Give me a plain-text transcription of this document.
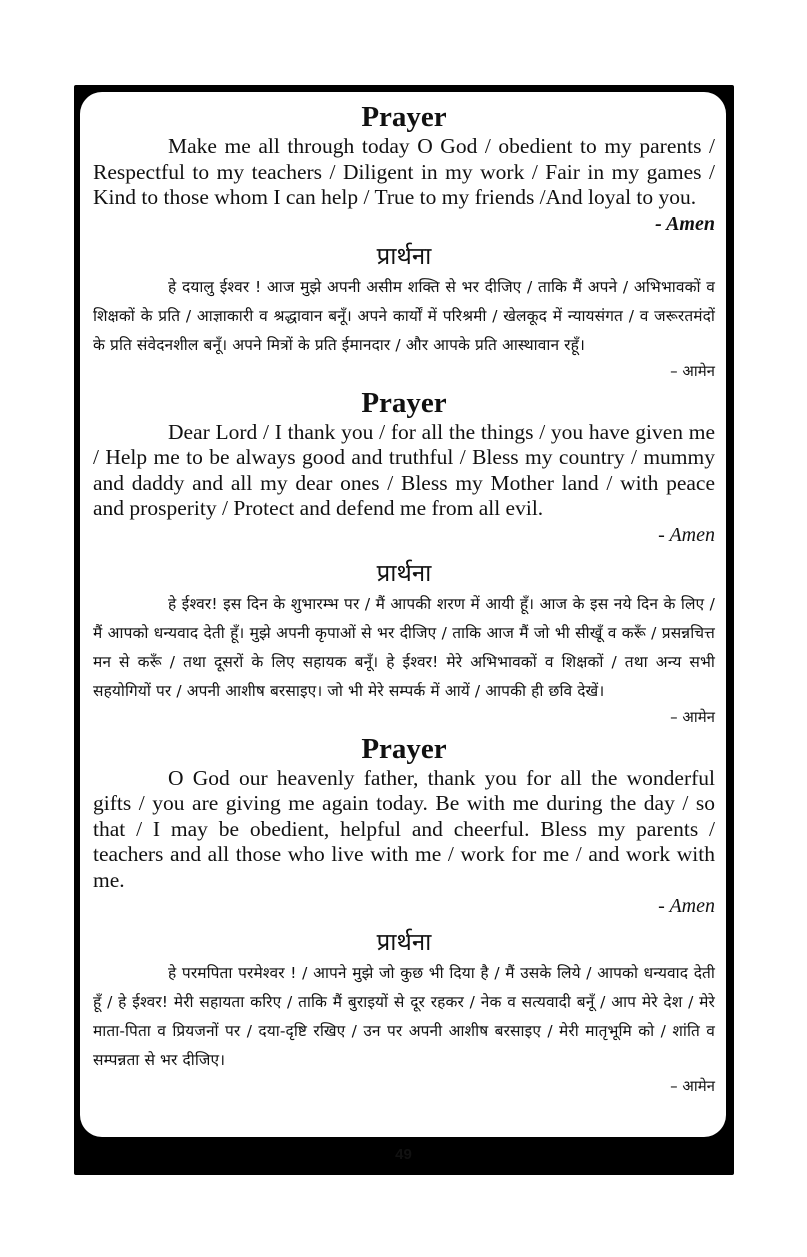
Prayer

Make me all through today O God / obedient to my parents / Respectful to my teachers / Diligent in my work / Fair in my games / Kind to those whom I can help / True to my friends /And loyal to you.

- Amen
प्रार्थना

हे दयालु ईश्वर ! आज मुझे अपनी असीम शक्ति से भर दीजिए / ताकि मैं अपने / अभिभावकों व शिक्षकों के प्रति / आज्ञाकारी व श्रद्धावान बनूँ। अपने कार्यों में परिश्रमी / खेलकूद में न्यायसंगत / व जरूरतमंदों के प्रति संवेदनशील बनूँ। अपने मित्रों के प्रति ईमानदार / और आपके प्रति आस्थावान रहूँ।

– आमेन
Prayer

Dear Lord / I thank you / for all the things / you have given me / Help me to be always good and truthful / Bless my country / mummy and daddy and all my dear ones / Bless my Mother land / with peace and prosperity / Protect and defend me from all evil.

- Amen
प्रार्थना

हे ईश्वर! इस दिन के शुभारम्भ पर / मैं आपकी शरण में आयी हूँ। आज के इस नये दिन के लिए / मैं आपको धन्यवाद देती हूँ। मुझे अपनी कृपाओं से भर दीजिए / ताकि आज मैं जो भी सीखूँ व करूँ / प्रसन्नचित्त मन से करूँ / तथा दूसरों के लिए सहायक बनूँ। हे ईश्वर! मेरे अभिभावकों व शिक्षकों / तथा अन्य सभी सहयोगियों पर / अपनी आशीष बरसाइए। जो भी मेरे सम्पर्क में आयें / आपकी ही छवि देखें।

– आमेन
Prayer

O God our heavenly father, thank you for all the wonderful gifts / you are giving me again today. Be with me during the day / so that / I may be obedient, helpful and cheerful. Bless my parents / teachers and all those who live with me / work for me / and work with me.

- Amen
प्रार्थना

हे परमपिता परमेश्वर ! / आपने मुझे जो कुछ भी दिया है / मैं उसके लिये / आपको धन्यवाद देती हूँ / हे ईश्वर! मेरी सहायता करिए / ताकि मैं बुराइयों से दूर रहकर / नेक व सत्यवादी बनूँ / आप मेरे देश / मेरे माता-पिता व प्रियजनों पर / दया-दृष्टि रखिए / उन पर अपनी आशीष बरसाइए / मेरी मातृभूमि को / शांति व सम्पन्नता से भर दीजिए।

– आमेन
49
